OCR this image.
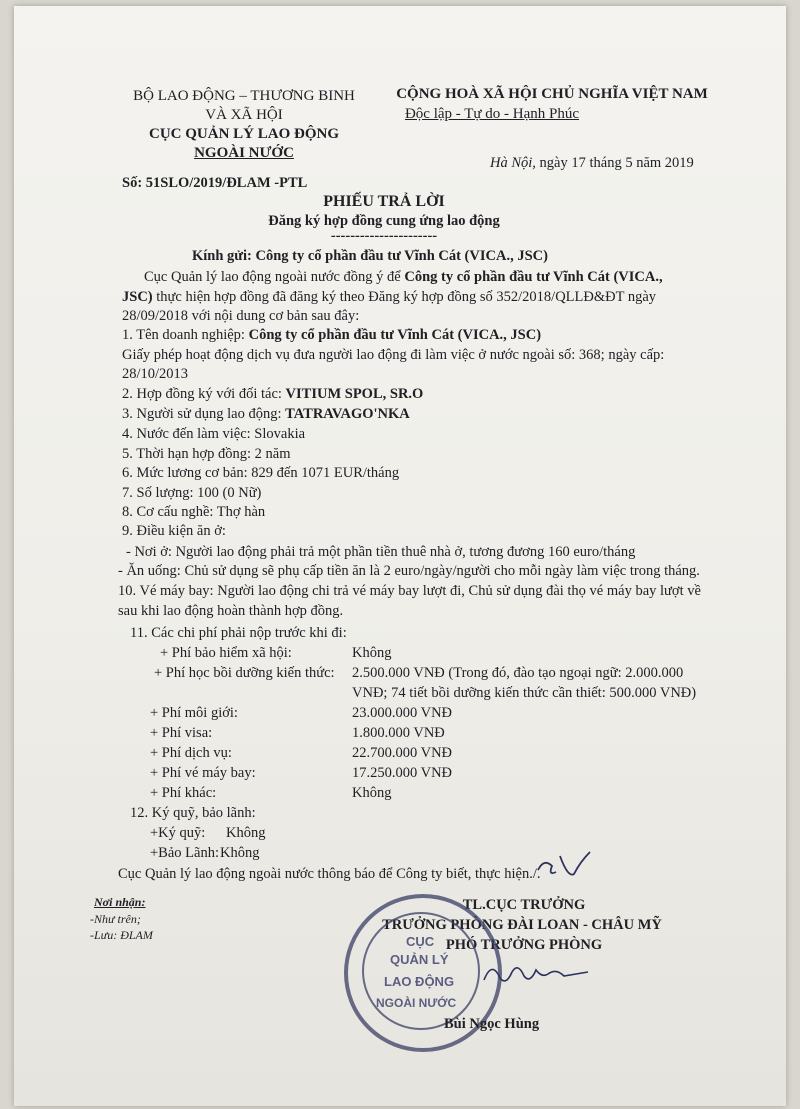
BỘ LAO ĐỘNG – THƯƠNG BINH
VÀ XÃ HỘI
CỤC QUẢN LÝ LAO ĐỘNG
NGOÀI NƯỚC
CỘNG HOÀ XÃ HỘI CHỦ NGHĨA VIỆT NAM
Độc lập - Tự do - Hạnh Phúc
Hà Nội, ngày 17 tháng 5 năm 2019
Số: 51SLO/2019/ĐLAM -PTL
PHIẾU TRẢ LỜI
Đăng ký hợp đồng cung ứng lao động
----------------------
Kính gửi: Công ty cổ phần đầu tư Vĩnh Cát (VICA., JSC)
Cục Quản lý lao động ngoài nước đồng ý để Công ty cổ phần đầu tư Vĩnh Cát (VICA.,
JSC) thực hiện hợp đồng đã đăng ký theo Đăng ký hợp đồng số 352/2018/QLLĐ&ĐT ngày
28/09/2018 với nội dung cơ bản sau đây:
1. Tên doanh nghiệp: Công ty cổ phần đầu tư Vĩnh Cát (VICA., JSC)
Giấy phép hoạt động dịch vụ đưa người lao động đi làm việc ở nước ngoài số: 368; ngày cấp:
28/10/2013
2. Hợp đồng ký với đối tác: VITIUM SPOL, SR.O
3. Người sử dụng lao động: TATRAVAGO'NKA
4. Nước đến làm việc: Slovakia
5. Thời hạn hợp đồng: 2 năm
6. Mức lương cơ bản: 829 đến 1071 EUR/tháng
7. Số lượng: 100 (0 Nữ)
8. Cơ cấu nghề: Thợ hàn
9. Điều kiện ăn ở:
- Nơi ở: Người lao động phải trả một phần tiền thuê nhà ở, tương đương 160 euro/tháng
- Ăn uống: Chủ sử dụng sẽ phụ cấp tiền ăn là 2 euro/ngày/người cho mỗi ngày làm việc trong tháng.
10. Vé máy bay: Người lao động chi trả vé máy bay lượt đi, Chủ sử dụng đài thọ vé máy bay lượt về
sau khi lao động hoàn thành hợp đồng.
11. Các chi phí phải nộp trước khi đi:
+ Phí bảo hiểm xã hội:	Không
+ Phí học bồi dưỡng kiến thức: 2.500.000 VNĐ (Trong đó, đào tạo ngoại ngữ: 2.000.000
VNĐ; 74 tiết bồi dưỡng kiến thức cần thiết: 500.000 VNĐ)
+ Phí môi giới:	23.000.000 VNĐ
+ Phí visa:	1.800.000 VNĐ
+ Phí dịch vụ:	22.700.000 VNĐ
+ Phí vé máy bay:	17.250.000 VNĐ
+ Phí khác:	Không
12. Ký quỹ, bảo lãnh:
+Ký quỹ: Không
+Bảo Lãnh: Không
Cục Quản lý lao động ngoài nước thông báo để Công ty biết, thực hiện./.
Nơi nhận:
-Như trên;
-Lưu: ĐLAM
TL.CỤC TRƯỞNG
TRƯỞNG PHÒNG ĐÀI LOAN - CHÂU MỸ
PHÓ TRƯỞNG PHÒNG
CỤC
QUẢN LÝ
LAO ĐỘNG
NGOÀI NƯỚC
Bùi Ngọc Hùng
